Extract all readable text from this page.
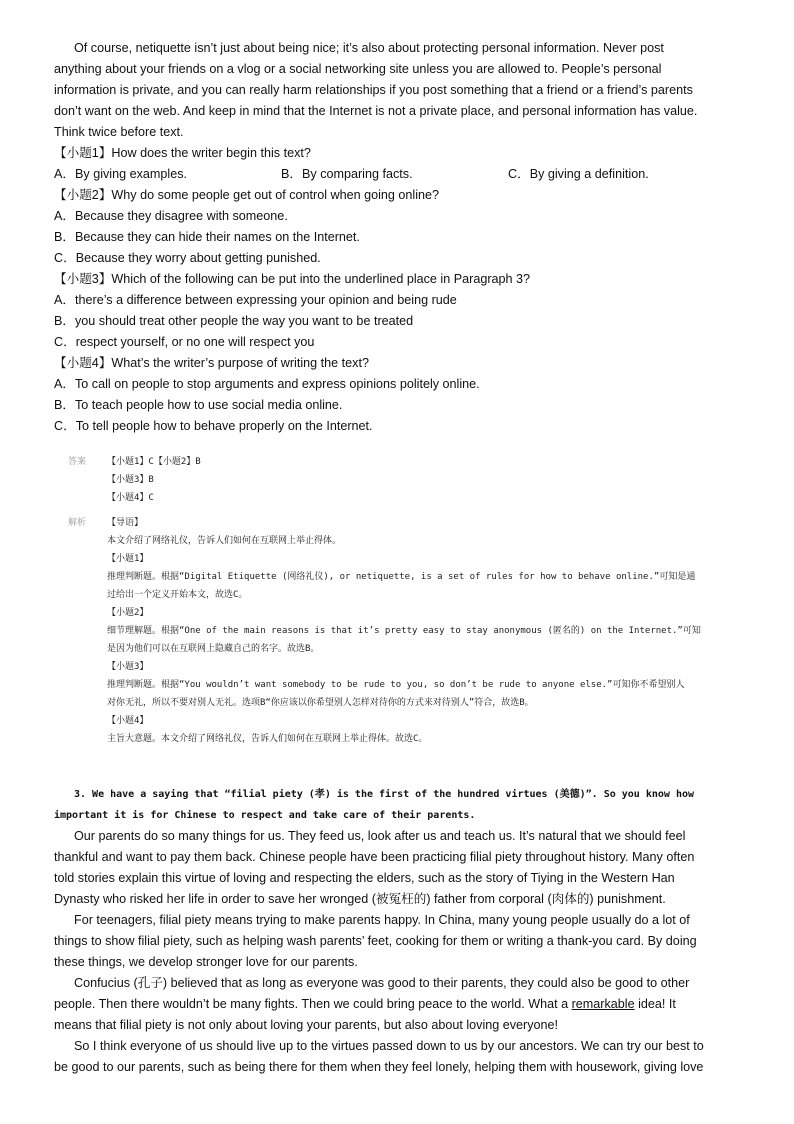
Of course, netiquette isn’t just about being nice; it’s also about protecting personal information. Never post
anything about your friends on a vlog or a social networking site unless you are allowed to. People’s personal
information is private, and you can really harm relationships if you post something that a friend or a friend’s parents
don’t want on the web. And keep in mind that the Internet is not a private place, and personal information has value.
Think twice before text.
【小题1】How does the writer begin this text?
A．By giving examples.	B．By comparing facts.	C．By giving a definition.
【小题2】Why do some people get out of control when going online?
A．Because they disagree with someone.
B．Because they can hide their names on the Internet.
C．Because they worry about getting punished.
【小题3】Which of the following can be put into the underlined place in Paragraph 3?
A．there’s a difference between expressing your opinion and being rude
B．you should treat other people the way you want to be treated
C．respect yourself, or no one will respect you
【小题4】What’s the writer’s purpose of writing the text?
A．To call on people to stop arguments and express opinions politely online.
B．To teach people how to use social media online.
C．To tell people how to behave properly on the Internet.
答案	【小题1】C【小题2】B
【小题3】B
【小题4】C
解析	【导语】
本文介绍了网络礼仪，告诉人们如何在互联网上举止得体。
【小题1】
推理判断题。根据“Digital Etiquette (网络礼仪), or netiquette, is a set of rules for how to behave online.”可知是通
过给出一个定义开始本文，故选C。
【小题2】
细节理解题。根据“One of the main reasons is that it’s pretty easy to stay anonymous (匿名的) on the Internet.”可知
是因为他们可以在互联网上隐藏自己的名字。故选B。
【小题3】
推理判断题。根据“You wouldn’t want somebody to be rude to you, so don’t be rude to anyone else.”可知你不希望别人
对你无礼，所以不要对别人无礼。选项B“你应该以你希望别人怎样对待你的方式来对待别人”符合，故选B。
【小题4】
主旨大意题。本文介绍了网络礼仪，告诉人们如何在互联网上举止得体。故选C。
3. We have a saying that “filial piety (孝) is the first of the hundred virtues (美德)”. So you know how
important it is for Chinese to respect and take care of their parents.
Our parents do so many things for us. They feed us, look after us and teach us. It’s natural that we should feel
thankful and want to pay them back. Chinese people have been practicing filial piety throughout history. Many often
told stories explain this virtue of loving and respecting the elders, such as the story of Tiying in the Western Han
Dynasty who risked her life in order to save her wronged (被冤枉的) father from corporal (肉体的) punishment.
For teenagers, filial piety means trying to make parents happy. In China, many young people usually do a lot of
things to show filial piety, such as helping wash parents’ feet, cooking for them or writing a thank-you card. By doing
these things, we develop stronger love for our parents.
Confucius (孔子) believed that as long as everyone was good to their parents, they could also be good to other
people. Then there wouldn’t be many fights. Then we could bring peace to the world. What a remarkable idea! It
means that filial piety is not only about loving your parents, but also about loving everyone!
So I think everyone of us should live up to the virtues passed down to us by our ancestors. We can try our best to
be good to our parents, such as being there for them when they feel lonely, helping them with housework, giving love
